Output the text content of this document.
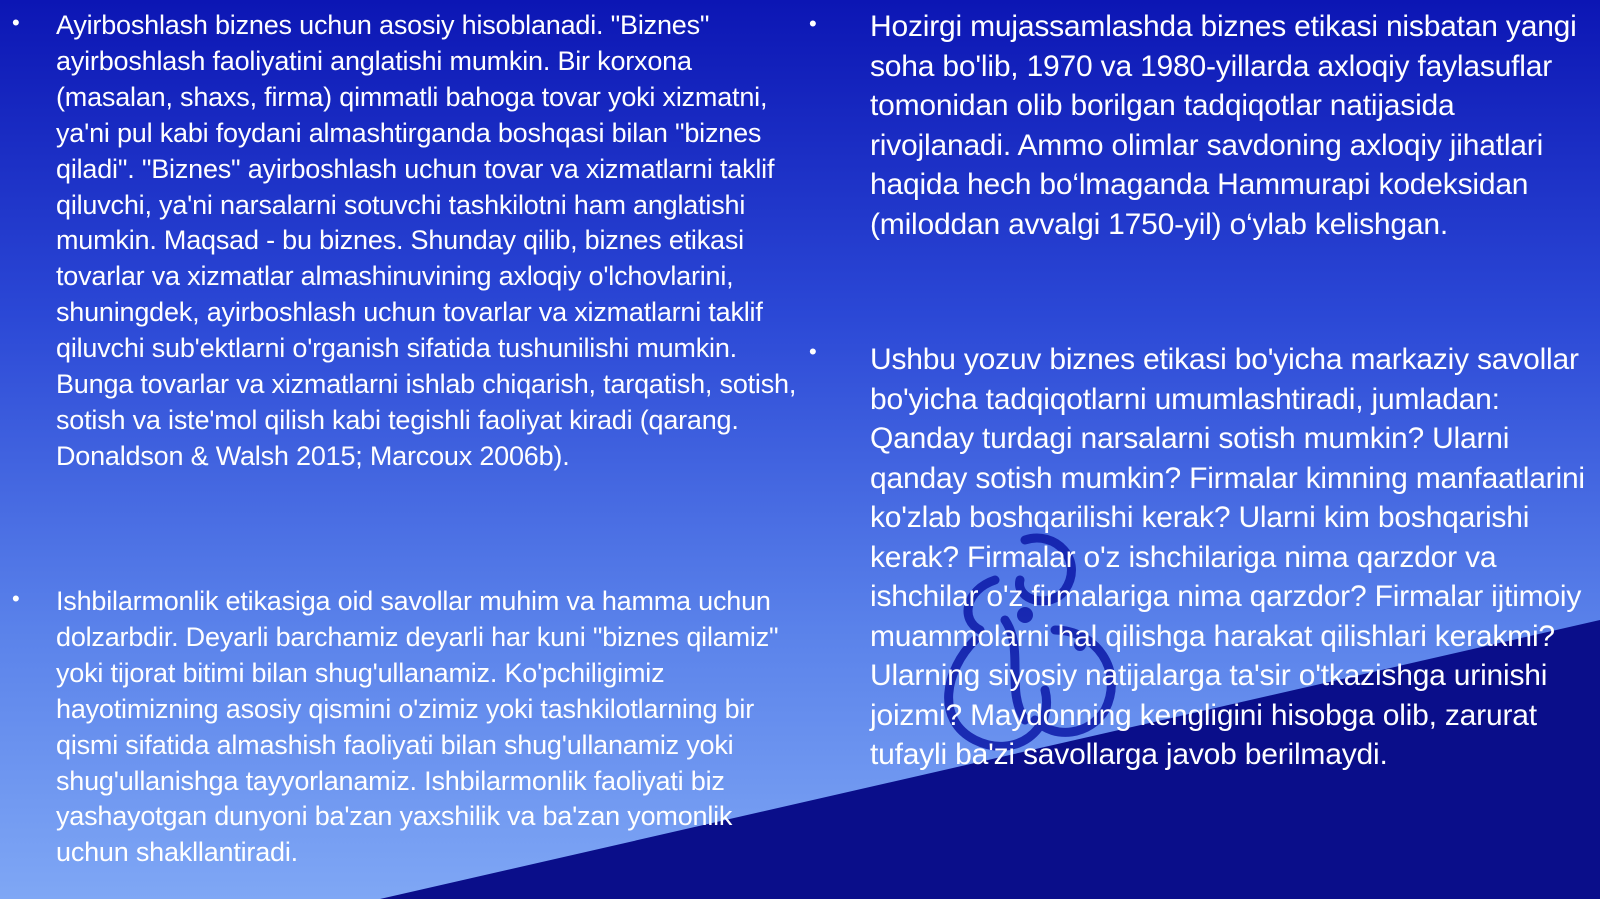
• Ayirboshlash biznes uchun asosiy hisoblanadi. "Biznes" ayirboshlash faoliyatini anglatishi mumkin. Bir korxona (masalan, shaxs, firma) qimmatli bahoga tovar yoki xizmatni, ya'ni pul kabi foydani almashtirganda boshqasi bilan "biznes qiladi". "Biznes" ayirboshlash uchun tovar va xizmatlarni taklif qiluvchi, ya'ni narsalarni sotuvchi tashkilotni ham anglatishi mumkin. Maqsad - bu biznes. Shunday qilib, biznes etikasi tovarlar va xizmatlar almashinuvining axloqiy o'lchovlarini, shuningdek, ayirboshlash uchun tovarlar va xizmatlarni taklif qiluvchi sub'ektlarni o'rganish sifatida tushunilishi mumkin. Bunga tovarlar va xizmatlarni ishlab chiqarish, tarqatish, sotish, sotish va iste'mol qilish kabi tegishli faoliyat kiradi (qarang. Donaldson & Walsh 2015; Marcoux 2006b).

• Ishbilarmonlik etikasiga oid savollar muhim va hamma uchun dolzarbdir. Deyarli barchamiz deyarli har kuni "biznes qilamiz" yoki tijorat bitimi bilan shug'ullanamiz. Ko'pchiligimiz hayotimizning asosiy qismini o'zimiz yoki tashkilotlarning bir qismi sifatida almashish faoliyati bilan shug'ullanamiz yoki shug'ullanishga tayyorlanamiz. Ishbilarmonlik faoliyati biz yashayotgan dunyoni ba'zan yaxshilik va ba'zan yomonlik uchun shakllantiradi.

• Hozirgi mujassamlashda biznes etikasi nisbatan yangi soha bo'lib, 1970 va 1980-yillarda axloqiy faylasuflar tomonidan olib borilgan tadqiqotlar natijasida rivojlanadi. Ammo olimlar savdoning axloqiy jihatlari haqida hech bo‘lmaganda Hammurapi kodeksidan (miloddan avvalgi 1750-yil) o‘ylab kelishgan.

• Ushbu yozuv biznes etikasi bo'yicha markaziy savollar bo'yicha tadqiqotlarni umumlashtiradi, jumladan: Qanday turdagi narsalarni sotish mumkin? Ularni qanday sotish mumkin? Firmalar kimning manfaatlarini ko'zlab boshqarilishi kerak? Ularni kim boshqarishi kerak? Firmalar o'z ishchilariga nima qarzdor va ishchilar o'z firmalariga nima qarzdor? Firmalar ijtimoiy muammolarni hal qilishga harakat qilishlari kerakmi? Ularning siyosiy natijalarga ta'sir o'tkazishga urinishi joizmi? Maydonning kengligini hisobga olib, zarurat tufayli ba'zi savollarga javob berilmaydi.
